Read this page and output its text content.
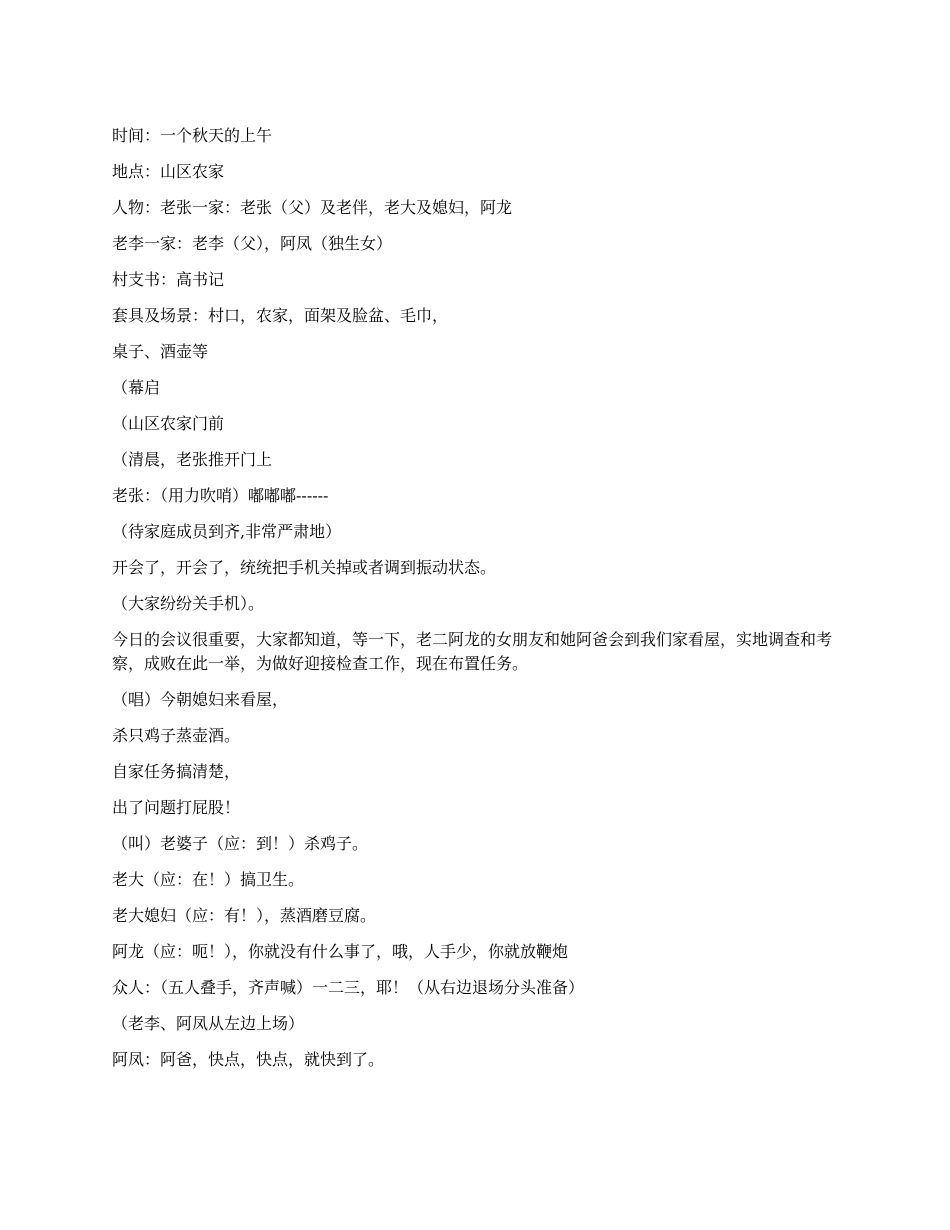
时间：一个秋天的上午

地点：山区农家

人物：老张一家：老张（父）及老伴，老大及媳妇，阿龙

老李一家：老李（父），阿凤（独生女）

村支书：高书记

套具及场景：村口，农家，面架及脸盆、毛巾，

桌子、酒壶等

（幕启

（山区农家门前

（清晨，老张推开门上

老张：（用力吹哨）嘟嘟嘟------

（待家庭成员到齐,非常严肃地）

开会了，开会了，统统把手机关掉或者调到振动状态。

（大家纷纷关手机）。

今日的会议很重要，大家都知道，等一下，老二阿龙的女朋友和她阿爸会到我们家看屋，实地调查和考察，成败在此一举，为做好迎接检查工作，现在布置任务。

（唱）今朝媳妇来看屋，

杀只鸡子蒸壶酒。

自家任务搞清楚，

出了问题打屁股！

（叫）老婆子（应：到！）杀鸡子。

老大（应：在！）搞卫生。

老大媳妇（应：有！），蒸酒磨豆腐。

阿龙（应：呃！），你就没有什么事了，哦，人手少，你就放鞭炮

众人：（五人叠手，齐声喊）一二三，耶！（从右边退场分头准备）

（老李、阿凤从左边上场）

阿凤：阿爸，快点，快点，就快到了。
